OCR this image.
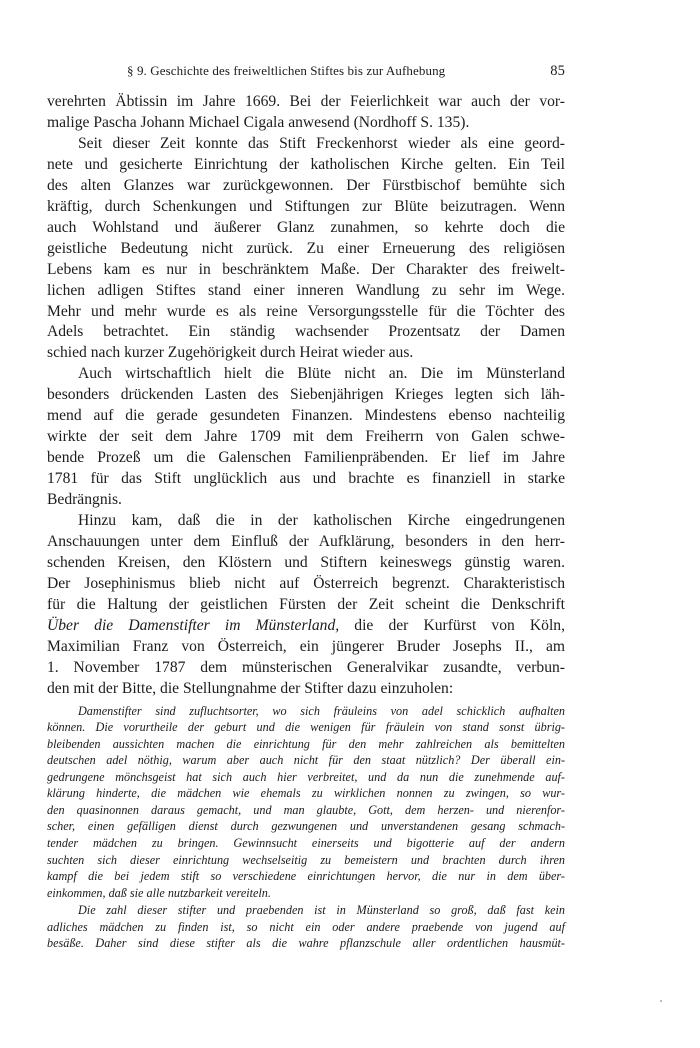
§ 9. Geschichte des freiweltlichen Stiftes bis zur Aufhebung	85

verehrten Äbtissin im Jahre 1669. Bei der Feierlichkeit war auch der vor-
malige Pascha Johann Michael Cigala anwesend (Nordhoff S. 135).

Seit dieser Zeit konnte das Stift Freckenhorst wieder als eine geord-
nete und gesicherte Einrichtung der katholischen Kirche gelten. Ein Teil
des alten Glanzes war zurückgewonnen. Der Fürstbischof bemühte sich
kräftig, durch Schenkungen und Stiftungen zur Blüte beizutragen. Wenn
auch Wohlstand und äußerer Glanz zunahmen, so kehrte doch die
geistliche Bedeutung nicht zurück. Zu einer Erneuerung des religiösen
Lebens kam es nur in beschränktem Maße. Der Charakter des freiwelt-
lichen adligen Stiftes stand einer inneren Wandlung zu sehr im Wege.
Mehr und mehr wurde es als reine Versorgungsstelle für die Töchter des
Adels betrachtet. Ein ständig wachsender Prozentsatz der Damen
schied nach kurzer Zugehörigkeit durch Heirat wieder aus.

Auch wirtschaftlich hielt die Blüte nicht an. Die im Münsterland
besonders drückenden Lasten des Siebenjährigen Krieges legten sich läh-
mend auf die gerade gesundeten Finanzen. Mindestens ebenso nachteilig
wirkte der seit dem Jahre 1709 mit dem Freiherrn von Galen schwe-
bende Prozeß um die Galenschen Familienpräbenden. Er lief im Jahre
1781 für das Stift unglücklich aus und brachte es finanziell in starke
Bedrängnis.

Hinzu kam, daß die in der katholischen Kirche eingedrungenen
Anschauungen unter dem Einfluß der Aufklärung, besonders in den herr-
schenden Kreisen, den Klöstern und Stiftern keineswegs günstig waren.
Der Josephinismus blieb nicht auf Österreich begrenzt. Charakteristisch
für die Haltung der geistlichen Fürsten der Zeit scheint die Denkschrift
Über die Damenstifter im Münsterland, die der Kurfürst von Köln,
Maximilian Franz von Österreich, ein jüngerer Bruder Josephs II., am
1. November 1787 dem münsterischen Generalvikar zusandte, verbun-
den mit der Bitte, die Stellungnahme der Stifter dazu einzuholen:

Damenstifter sind zufluchtsorter, wo sich fräuleins von adel schicklich aufhalten
können. Die vorurtheile der geburt und die wenigen für fräulein von stand sonst übrig-
bleibenden aussichten machen die einrichtung für den mehr zahlreichen als bemittelten
deutschen adel nöthig, warum aber auch nicht für den staat nützlich? Der überall ein-
gedrungene mönchsgeist hat sich auch hier verbreitet, und da nun die zunehmende auf-
klärung hinderte, die mädchen wie ehemals zu wirklichen nonnen zu zwingen, so wur-
den quasinonnen daraus gemacht, und man glaubte, Gott, dem herzen- und nierenfor-
scher, einen gefälligen dienst durch gezwungenen und unverstandenen gesang schmach-
tender mädchen zu bringen. Gewinnsucht einerseits und bigotterie auf der andern
suchten sich dieser einrichtung wechselseitig zu bemeistern und brachten durch ihren
kampf die bei jedem stift so verschiedene einrichtungen hervor, die nur in dem über-
einkommen, daß sie alle nutzbarkeit vereiteln.
Die zahl dieser stifter und praebenden ist in Münsterland so groß, daß fast kein
adliches mädchen zu finden ist, so nicht ein oder andere praebende von jugend auf
besäße. Daher sind diese stifter als die wahre pflanzschule aller ordentlichen hausmüt-
